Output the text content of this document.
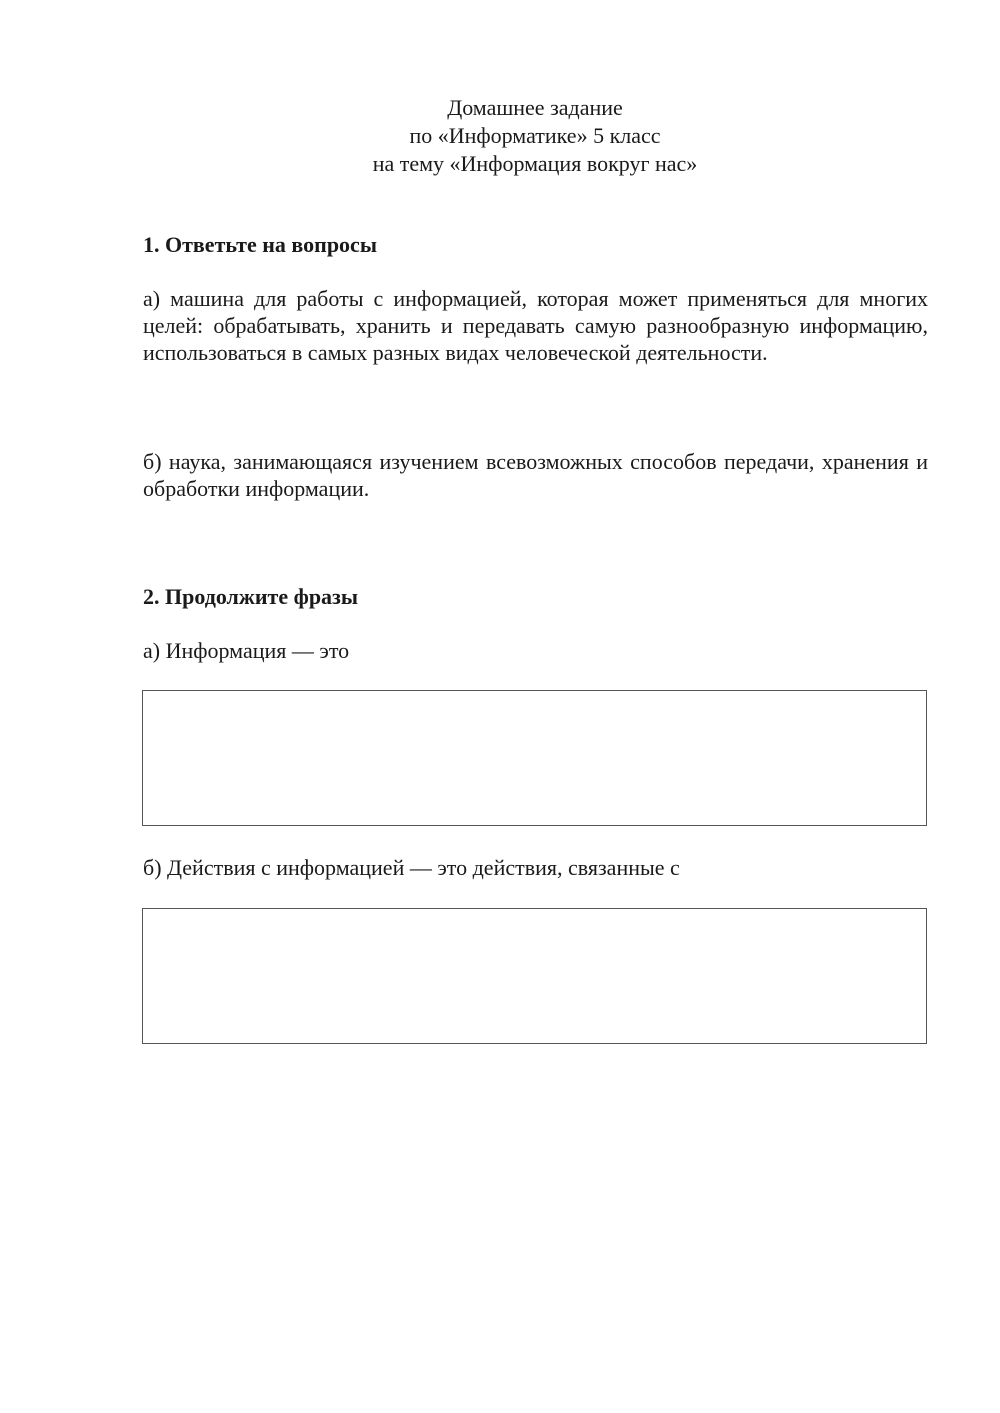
Домашнее задание
по «Информатике» 5 класс
на тему «Информация вокруг нас»
1. Ответьте на вопросы
а) машина для работы с информацией, которая может применяться для многих целей: обрабатывать, хранить и передавать самую разнообразную информацию, использоваться в самых разных видах человеческой деятельности.
б) наука, занимающаяся изучением всевозможных способов передачи, хранения и обработки информации.
2. Продолжите фразы
а) Информация — это
б) Действия с информацией — это действия, связанные с
